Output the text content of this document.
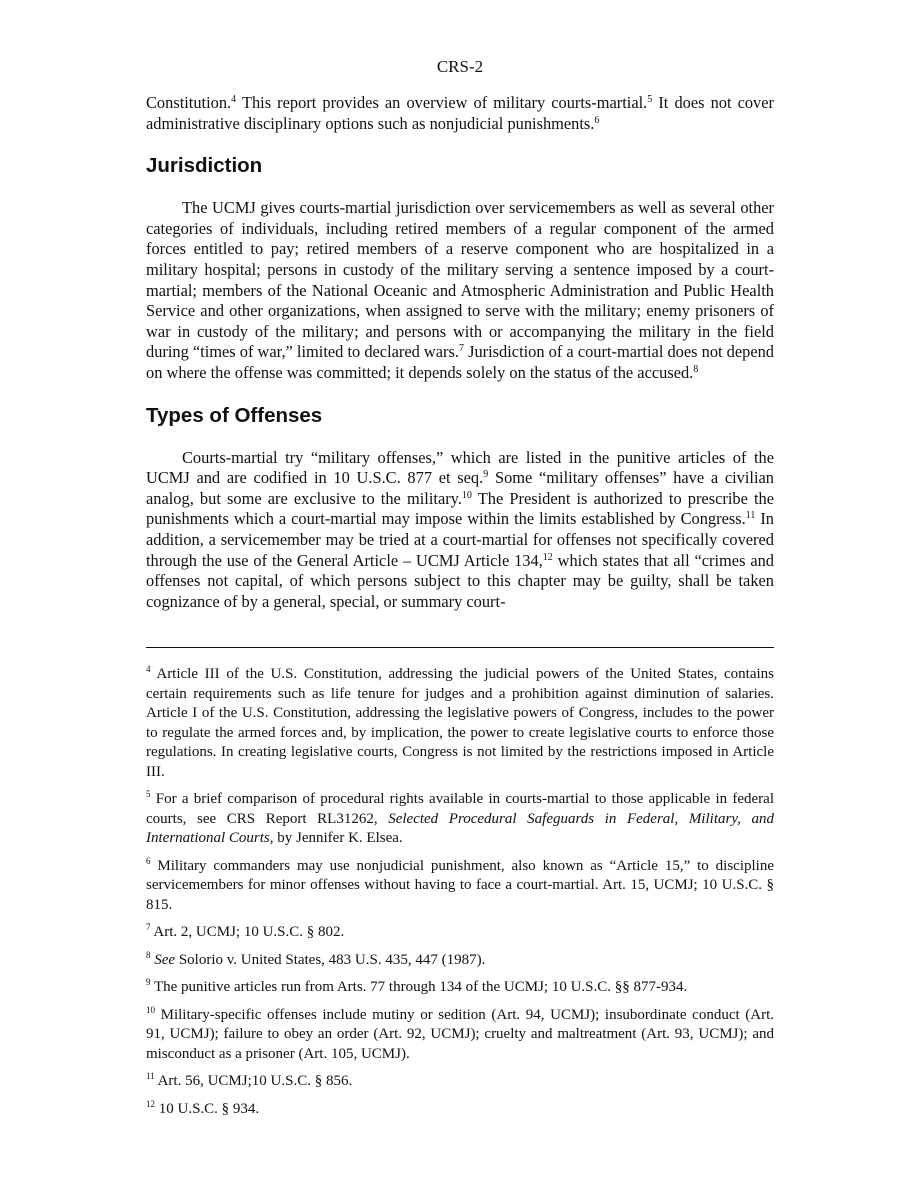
CRS-2

Constitution.$^4$ This report provides an overview of military courts-martial.$^5$ It does not cover administrative disciplinary options such as nonjudicial punishments.$^6$

Jurisdiction

The UCMJ gives courts-martial jurisdiction over servicemembers as well as several other categories of individuals, including retired members of a regular component of the armed forces entitled to pay; retired members of a reserve component who are hospitalized in a military hospital; persons in custody of the military serving a sentence imposed by a court-martial; members of the National Oceanic and Atmospheric Administration and Public Health Service and other organizations, when assigned to serve with the military; enemy prisoners of war in custody of the military; and persons with or accompanying the military in the field during “times of war,” limited to declared wars.$^7$ Jurisdiction of a court-martial does not depend on where the offense was committed; it depends solely on the status of the accused.$^8$

Types of Offenses

Courts-martial try “military offenses,” which are listed in the punitive articles of the UCMJ and are codified in 10 U.S.C. 877 et seq.$^9$ Some “military offenses” have a civilian analog, but some are exclusive to the military.$^{10}$ The President is authorized to prescribe the punishments which a court-martial may impose within the limits established by Congress.$^{11}$ In addition, a servicemember may be tried at a court-martial for offenses not specifically covered through the use of the General Article – UCMJ Article 134,12 which states that all “crimes and offenses not capital, of which persons subject to this chapter may be guilty, shall be taken cognizance of by a general, special, or summary court-

$^4$ Article III of the U.S. Constitution, addressing the judicial powers of the United States, contains certain requirements such as life tenure for judges and a prohibition against diminution of salaries. Article I of the U.S. Constitution, addressing the legislative powers of Congress, includes to the power to regulate the armed forces and, by implication, the power to create legislative courts to enforce those regulations. In creating legislative courts, Congress is not limited by the restrictions imposed in Article III.

$^5$ For a brief comparison of procedural rights available in courts-martial to those applicable in federal courts, see CRS Report RL31262, Selected Procedural Safeguards in Federal, Military, and International Courts, by Jennifer K. Elsea.

$^6$ Military commanders may use nonjudicial punishment, also known as “Article 15,” to discipline servicemembers for minor offenses without having to face a court-martial. Art. 15, UCMJ; 10 U.S.C. § 815.

$^7$ Art. 2, UCMJ; 10 U.S.C. § 802.

$^8$ See Solorio v. United States, 483 U.S. 435, 447 (1987).

$^9$ The punitive articles run from Arts. 77 through 134 of the UCMJ; 10 U.S.C. §§ 877-934.

$^{10}$ Military-specific offenses include mutiny or sedition (Art. 94, UCMJ); insubordinate conduct (Art. 91, UCMJ); failure to obey an order (Art. 92, UCMJ); cruelty and maltreatment (Art. 93, UCMJ); and misconduct as a prisoner (Art. 105, UCMJ).

$^{11}$ Art. 56, UCMJ;10 U.S.C. § 856.

$^{12}$ 10 U.S.C. § 934.
